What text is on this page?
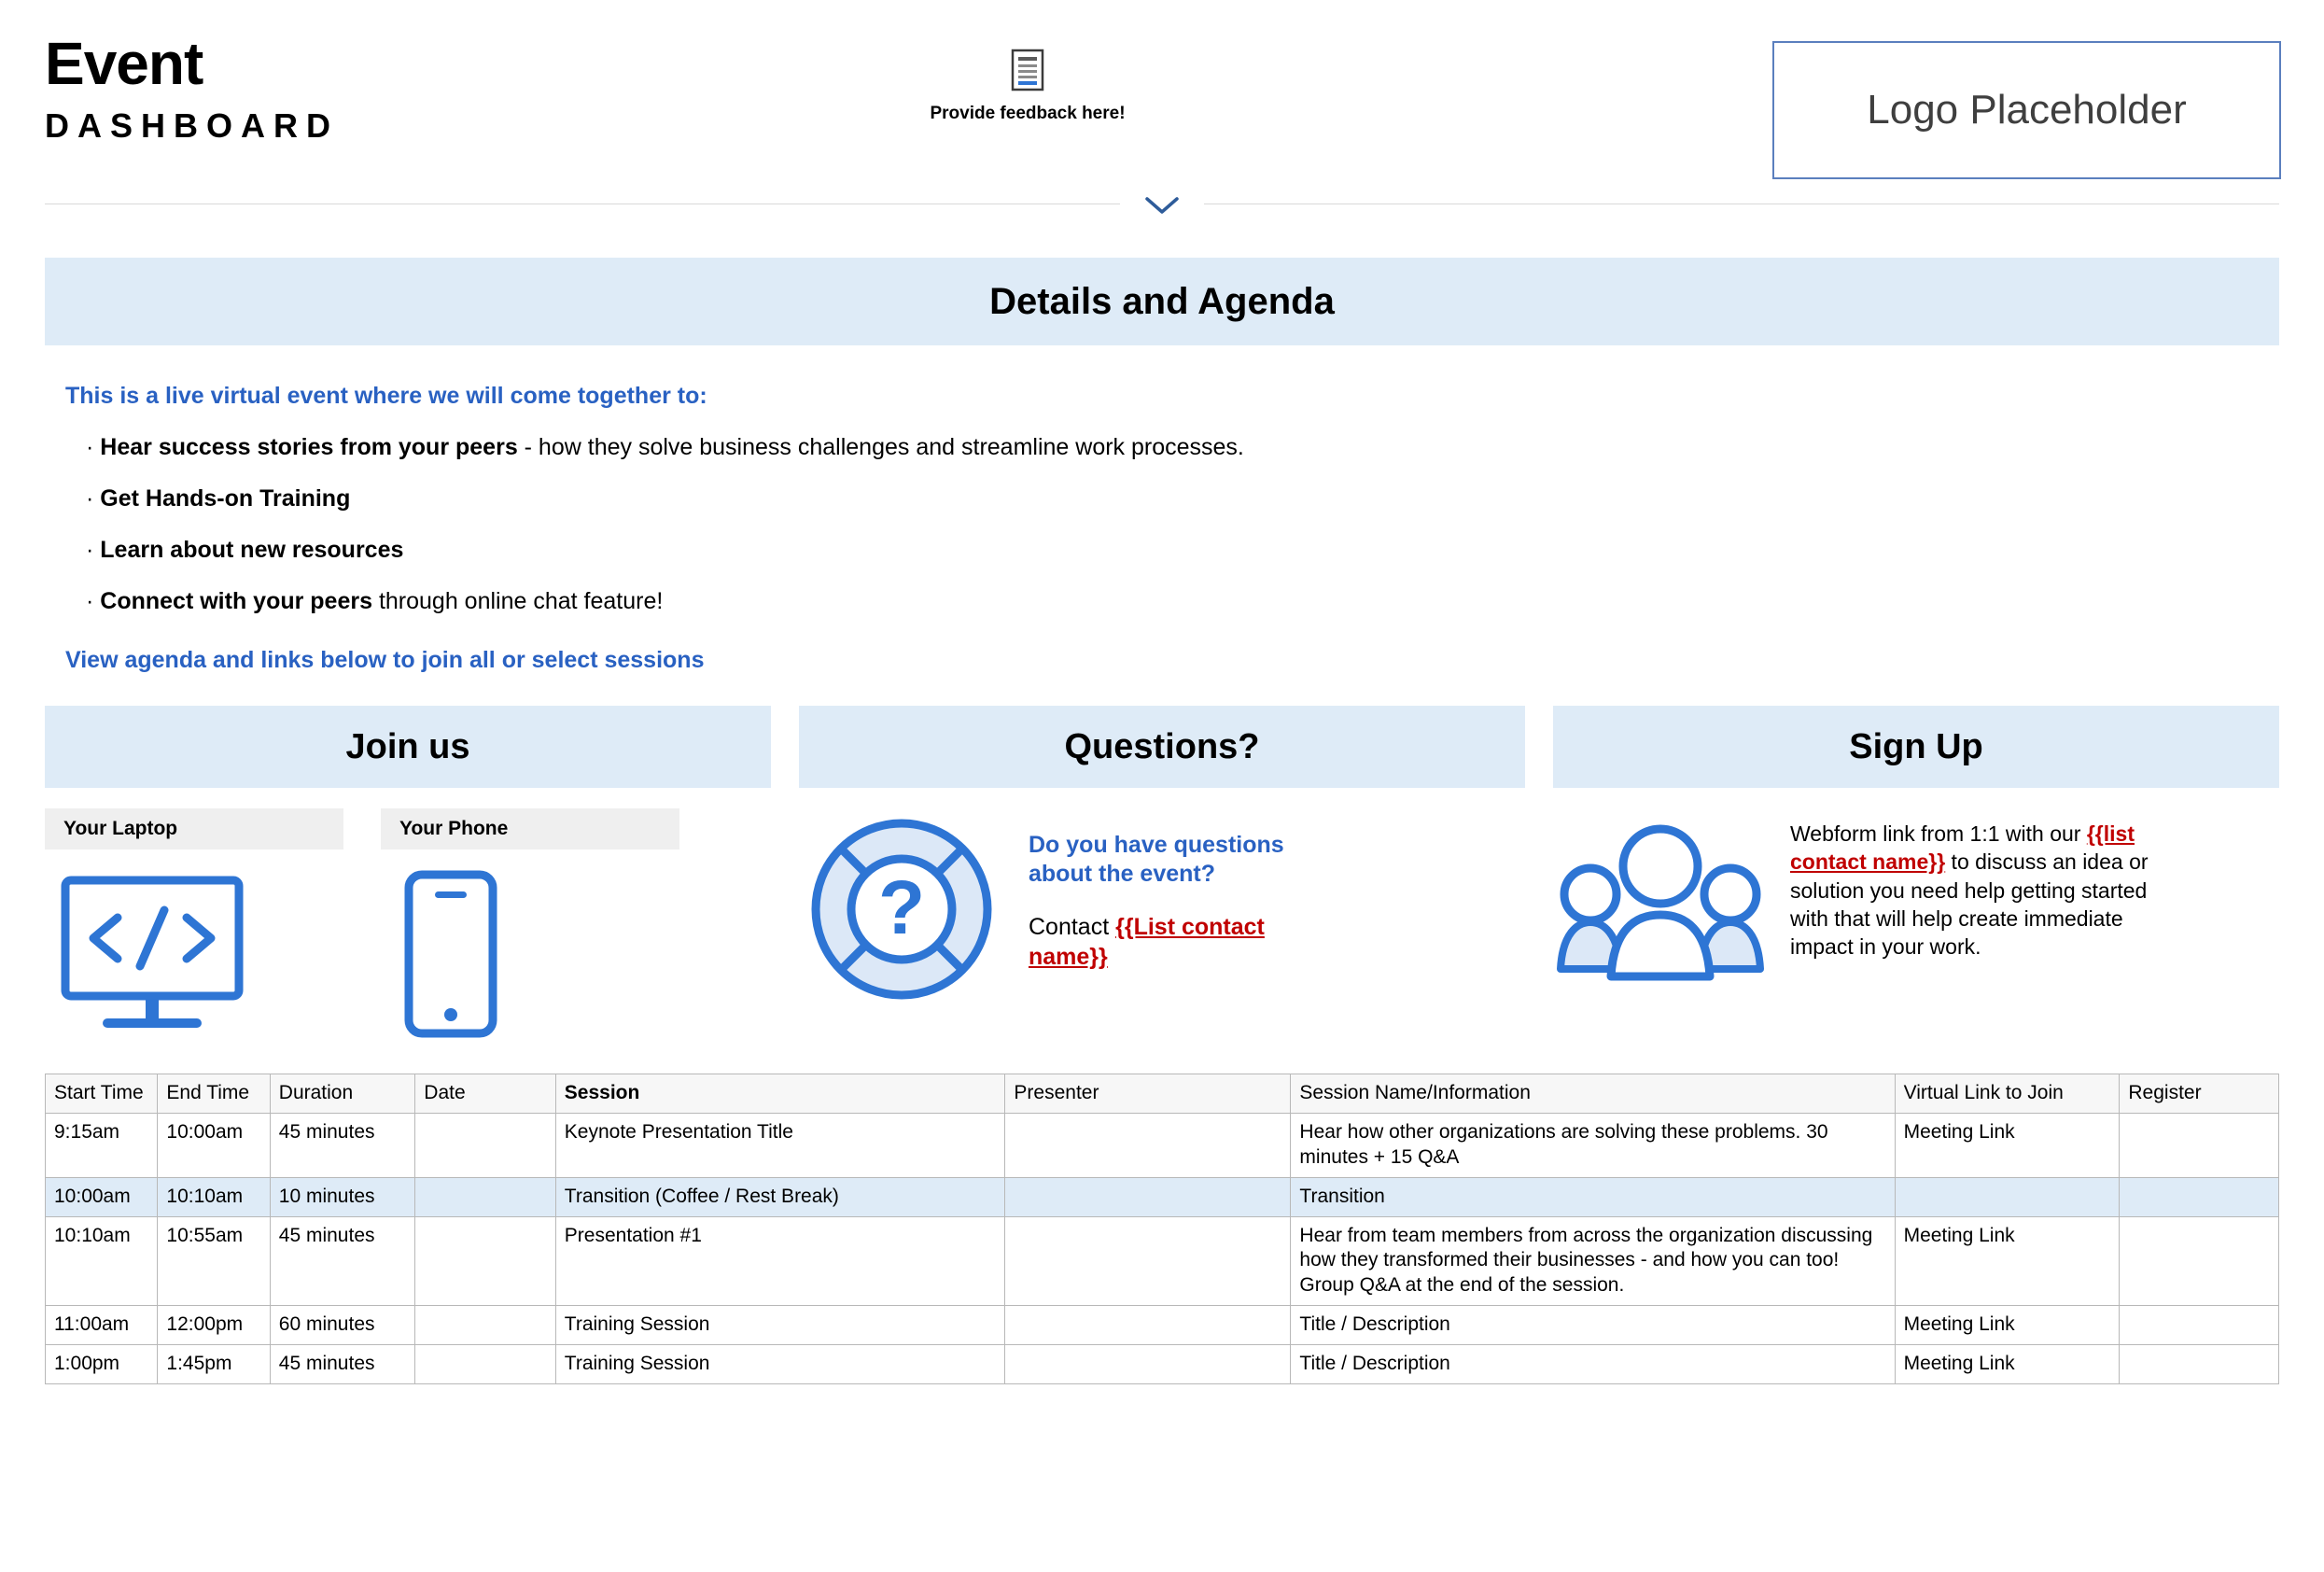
Event
DASHBOARD	Provide feedback here!	Logo Placeholder
Details and Agenda
This is a live virtual event where we will come together to:
· Hear success stories from your peers - how they solve business challenges and streamline work processes.
· Get Hands-on Training
· Learn about new resources
· Connect with your peers through online chat feature!
View agenda and links below to join all or select sessions
Join us
Your Laptop	Your Phone
Questions?
?
Do you have questions about the event?
Contact {{List contact name}}
Sign Up
Webform link from 1:1 with our {{list contact name}} to discuss an idea or solution you need help getting started with that will help create immediate impact in your work.
Start Time	End Time	Duration	Date	Session	Presenter	Session Name/Information	Virtual Link to Join	Register
9:15am	10:00am	45 minutes		Keynote Presentation Title		Hear how other organizations are solving these problems. 30 minutes + 15 Q&A	Meeting Link	
10:00am	10:10am	10 minutes		Transition (Coffee / Rest Break)		Transition		
10:10am	10:55am	45 minutes		Presentation #1		Hear from team members from across the organization discussing how they transformed their businesses - and how you can too! Group Q&A at the end of the session.	Meeting Link	
11:00am	12:00pm	60 minutes		Training Session		Title / Description	Meeting Link	
1:00pm	1:45pm	45 minutes		Training Session		Title / Description	Meeting Link	
